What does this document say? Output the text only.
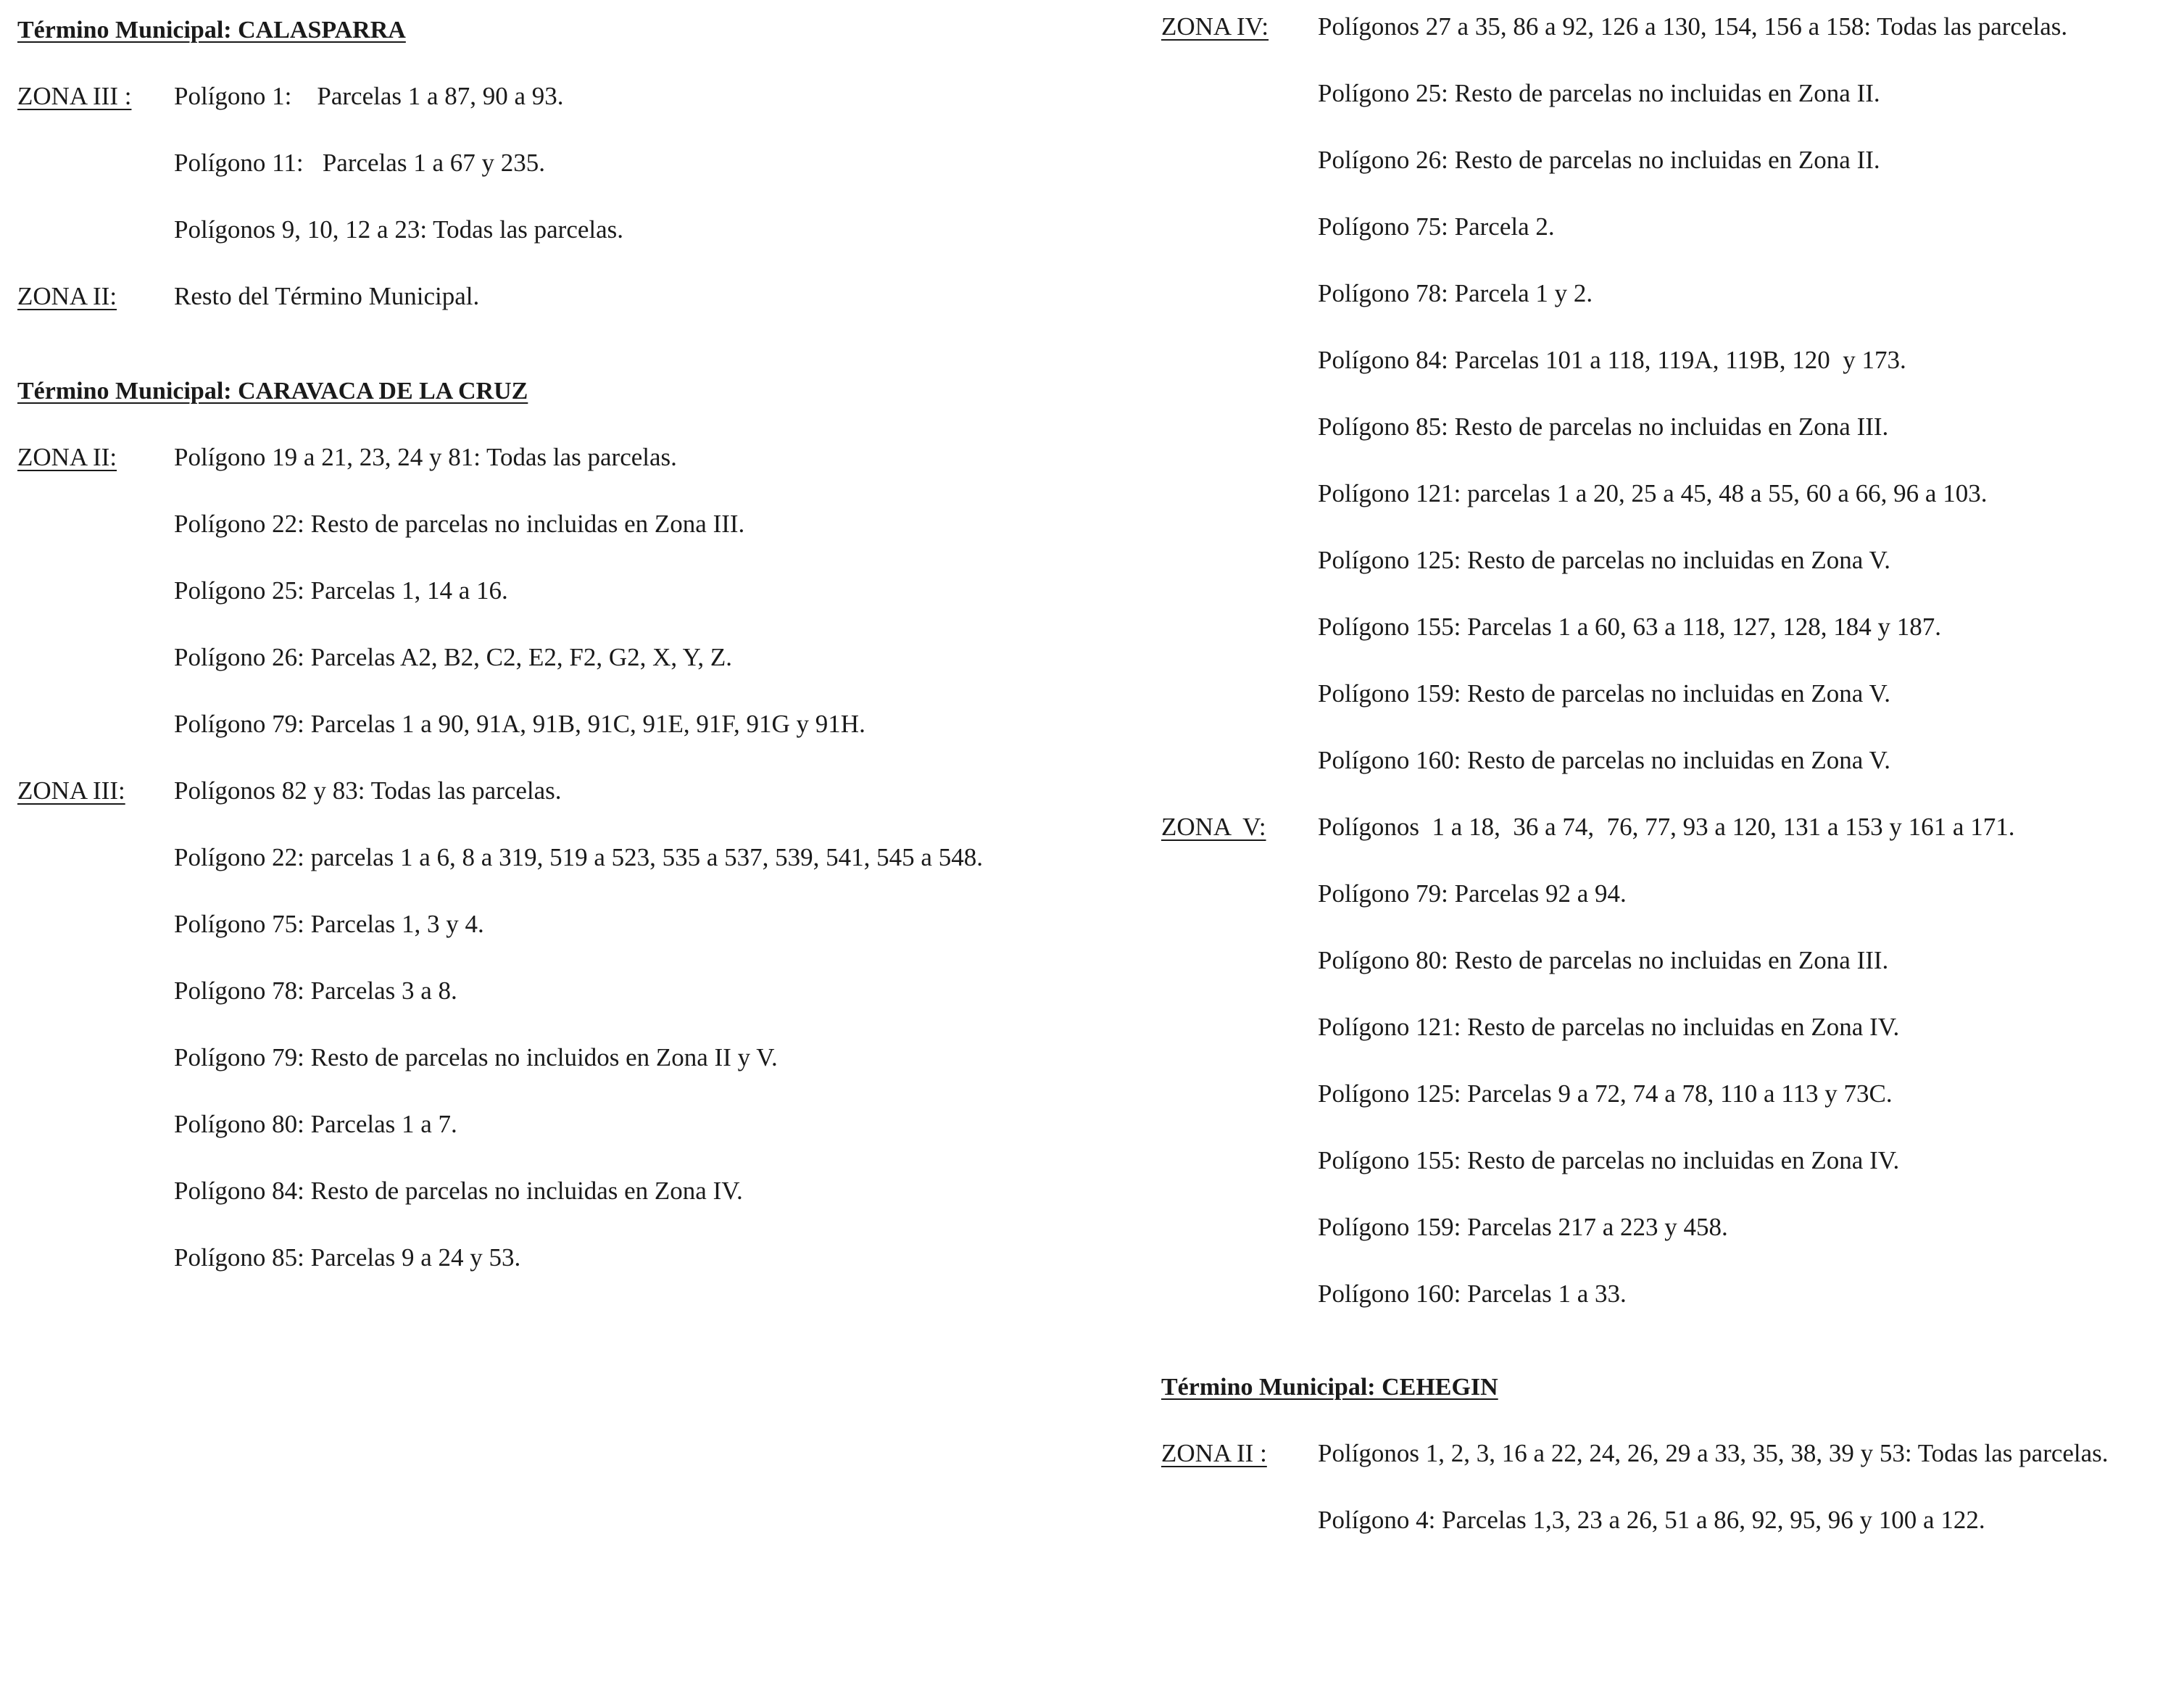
Término Municipal: CALASPARRA
ZONA III :	Polígono 1:    Parcelas 1 a 87, 90 a 93.
Polígono 11:   Parcelas 1 a 67 y 235.
Polígonos 9, 10, 12 a 23: Todas las parcelas.
ZONA II:	Resto del Término Municipal.
Término Municipal: CARAVACA DE LA CRUZ
ZONA II:	Polígono 19 a 21, 23, 24 y 81: Todas las parcelas.
Polígono 22: Resto de parcelas no incluidas en Zona III.
Polígono 25: Parcelas 1, 14 a 16.
Polígono 26: Parcelas A2, B2, C2, E2, F2, G2, X, Y, Z.
Polígono 79: Parcelas 1 a 90, 91A, 91B, 91C, 91E, 91F, 91G y 91H.
ZONA III:	Polígonos 82 y 83: Todas las parcelas.
Polígono 22: parcelas 1 a 6, 8 a 319, 519 a 523, 535 a 537, 539, 541, 545 a 548.
Polígono 75: Parcelas 1, 3 y 4.
Polígono 78: Parcelas 3 a 8.
Polígono 79: Resto de parcelas no incluidos en Zona II y V.
Polígono 80: Parcelas 1 a 7.
Polígono 84: Resto de parcelas no incluidas en Zona IV.
Polígono 85: Parcelas 9 a 24 y 53.
ZONA IV:	Polígonos 27 a 35, 86 a 92, 126 a 130, 154, 156 a 158: Todas las parcelas.
Polígono 25: Resto de parcelas no incluidas en Zona II.
Polígono 26: Resto de parcelas no incluidas en Zona II.
Polígono 75: Parcela 2.
Polígono 78: Parcela 1 y 2.
Polígono 84: Parcelas 101 a 118, 119A, 119B, 120  y 173.
Polígono 85: Resto de parcelas no incluidas en Zona III.
Polígono 121: parcelas 1 a 20, 25 a 45, 48 a 55, 60 a 66, 96 a 103.
Polígono 125: Resto de parcelas no incluidas en Zona V.
Polígono 155: Parcelas 1 a 60, 63 a 118, 127, 128, 184 y 187.
Polígono 159: Resto de parcelas no incluidas en Zona V.
Polígono 160: Resto de parcelas no incluidas en Zona V.
ZONA  V:	Polígonos  1 a 18,  36 a 74,  76, 77, 93 a 120, 131 a 153 y 161 a 171.
Polígono 79: Parcelas 92 a 94.
Polígono 80: Resto de parcelas no incluidas en Zona III.
Polígono 121: Resto de parcelas no incluidas en Zona IV.
Polígono 125: Parcelas 9 a 72, 74 a 78, 110 a 113 y 73C.
Polígono 155: Resto de parcelas no incluidas en Zona IV.
Polígono 159: Parcelas 217 a 223 y 458.
Polígono 160: Parcelas 1 a 33.
Término Municipal: CEHEGIN
ZONA II :	Polígonos 1, 2, 3, 16 a 22, 24, 26, 29 a 33, 35, 38, 39 y 53: Todas las parcelas.
Polígono 4: Parcelas 1,3, 23 a 26, 51 a 86, 92, 95, 96 y 100 a 122.
